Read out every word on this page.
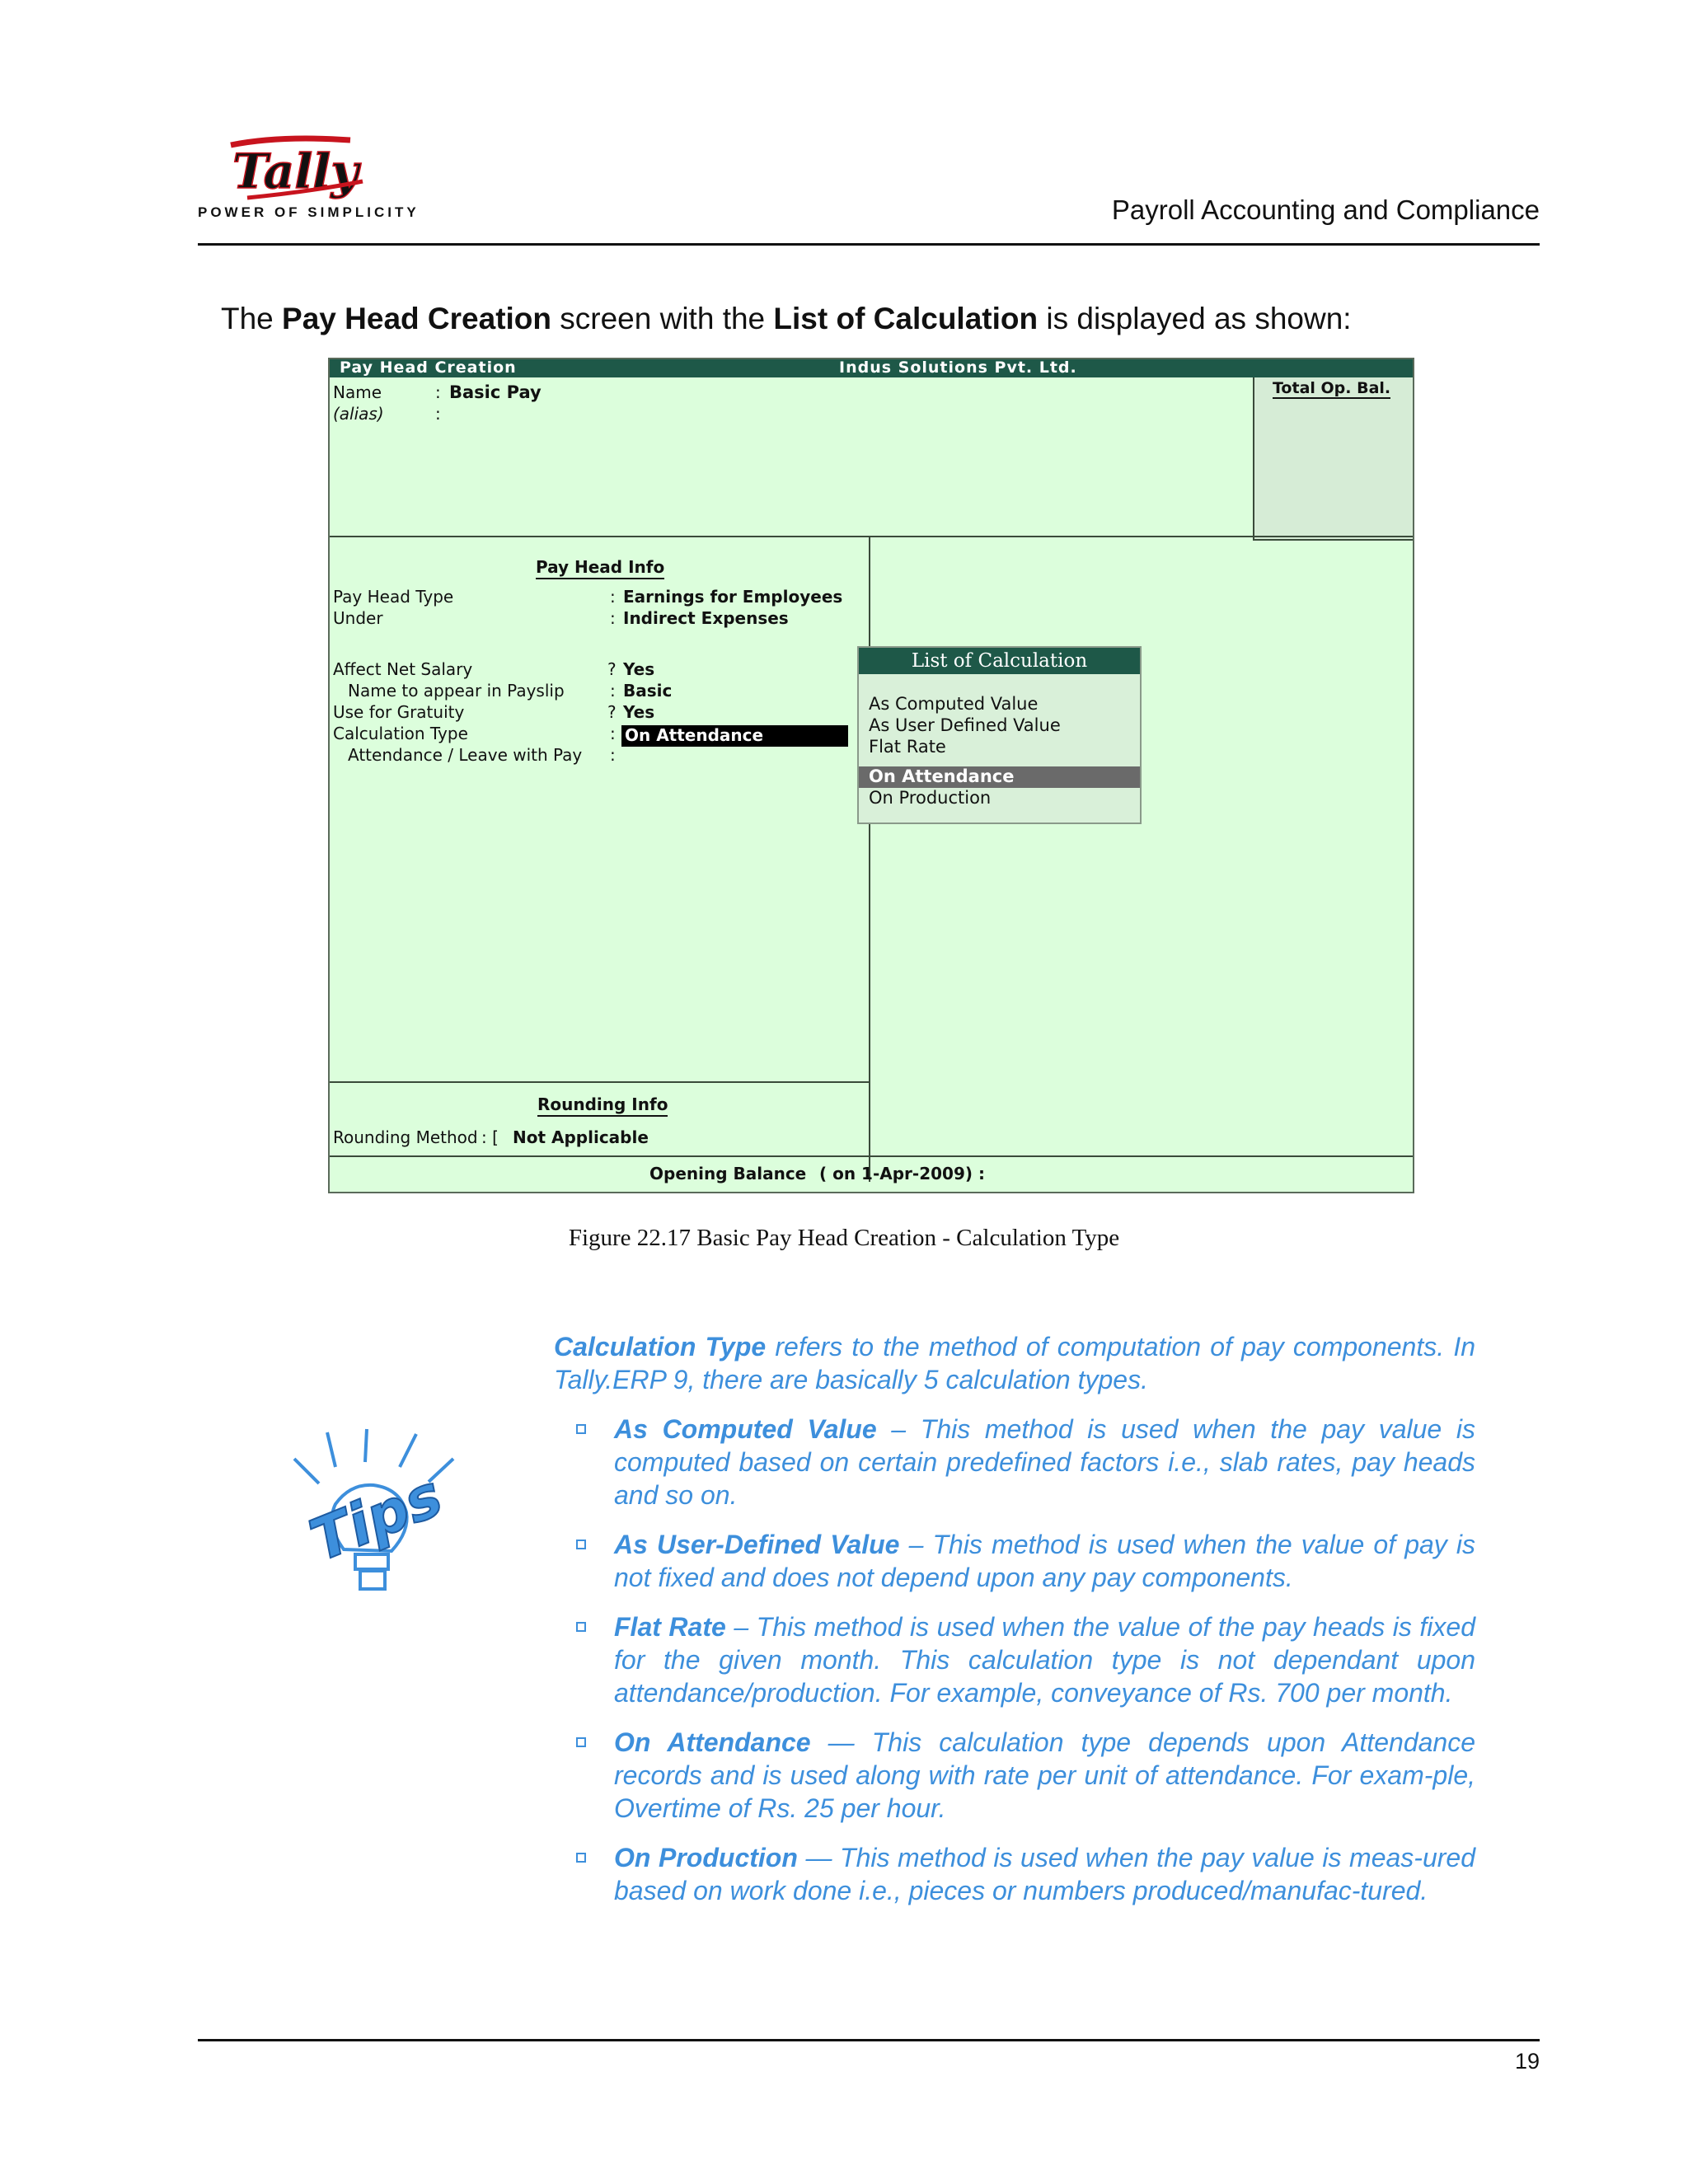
Tally
POWER OF SIMPLICITY	Payroll Accounting and Compliance
The Pay Head Creation screen with the List of Calculation is displayed as shown:
Pay Head Creation	Indus Solutions Pvt. Ltd.
Total Op. Bal.
Name	: Basic Pay
(alias)	:
Pay Head Info
Pay Head Type	: Earnings for Employees
Under	: Indirect Expenses
Affect Net Salary	? Yes
Name to appear in Payslip	: Basic
Use for Gratuity	? Yes
Calculation Type	: On Attendance
Attendance / Leave with Pay :
List of Calculation
As Computed Value
As User Defined Value
Flat Rate
On Attendance
On Production
Rounding Info
Rounding Method : [ Not Applicable
Opening Balance ( on 1-Apr-2009) :
Figure 22.17 Basic Pay Head Creation - Calculation Type
Tips

Calculation Type refers to the method of computation of pay components. In Tally.ERP 9, there are basically 5 calculation types.

As Computed Value – This method is used when the pay value is computed based on certain predefined factors i.e., slab rates, pay heads and so on.
As User-Defined Value – This method is used when the value of pay is not fixed and does not depend upon any pay components.
Flat Rate – This method is used when the value of the pay heads is fixed for the given month. This calculation type is not dependant upon attendance/production. For example, conveyance of Rs. 700 per month.
On Attendance — This calculation type depends upon Attendance records and is used along with rate per unit of attendance. For exam-ple, Overtime of Rs. 25 per hour.
On Production — This method is used when the pay value is meas-ured based on work done i.e., pieces or numbers produced/manufac-tured.
19
